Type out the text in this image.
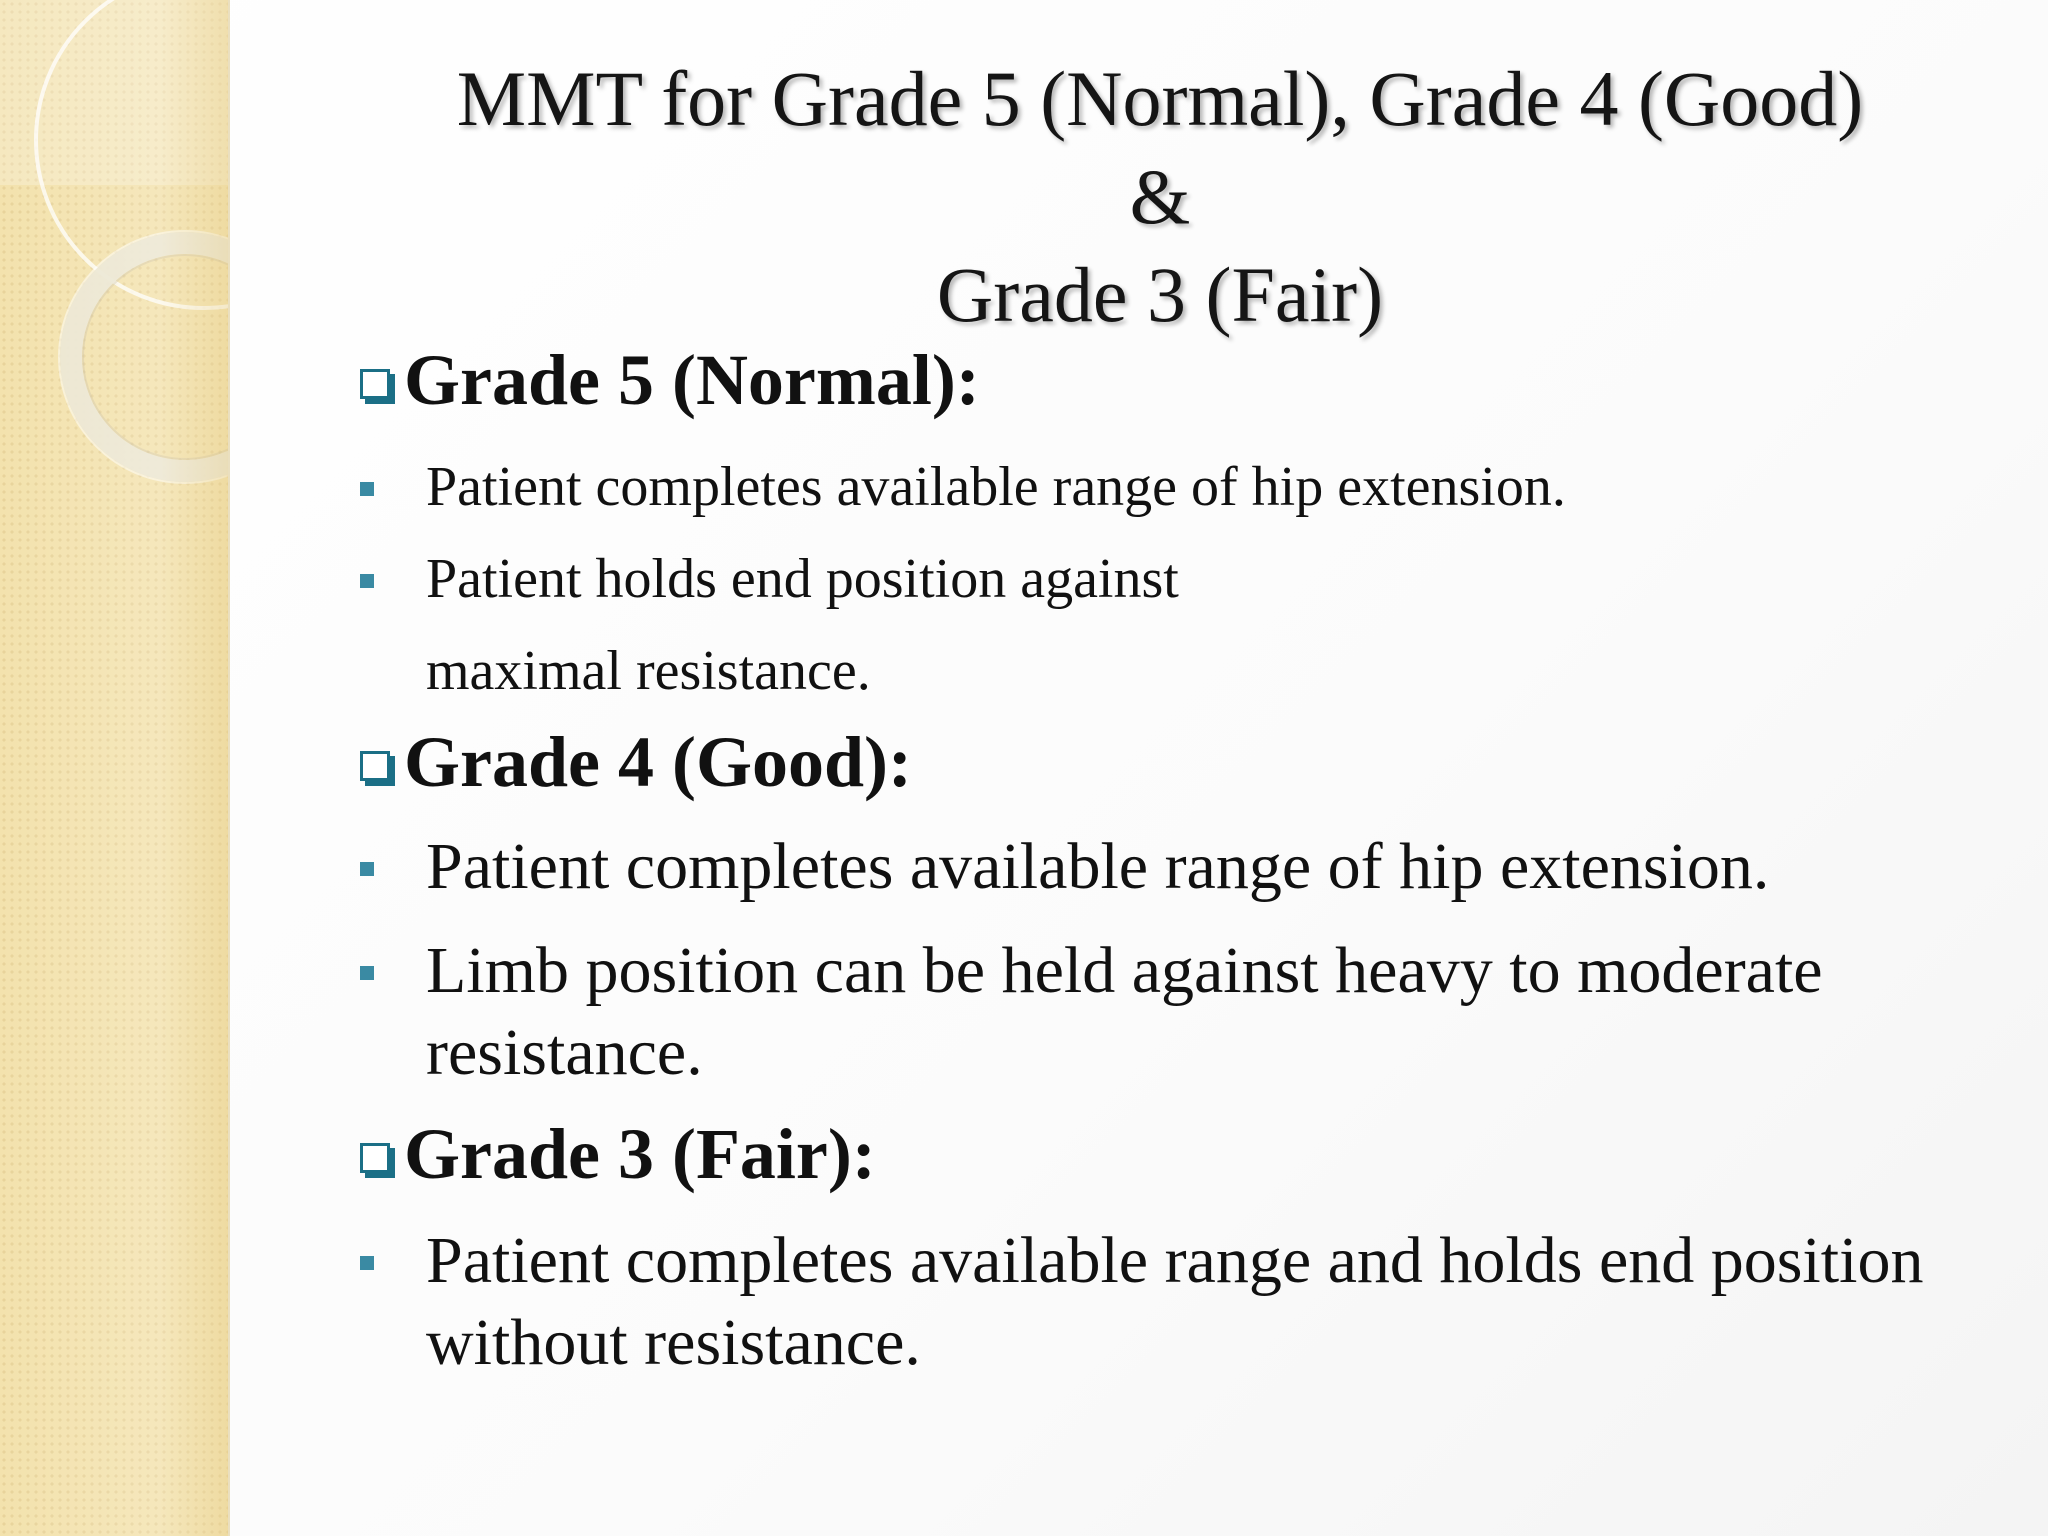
MMT for Grade 5 (Normal), Grade 4 (Good)
&
Grade 3 (Fair)
Grade 5 (Normal):
Patient completes available range of hip extension.
Patient holds end position against
maximal resistance.
Grade 4 (Good):
Patient completes available range of hip extension.
Limb position can be held against heavy to moderate
resistance.
Grade 3 (Fair):
Patient completes available range and holds end position
without resistance.
